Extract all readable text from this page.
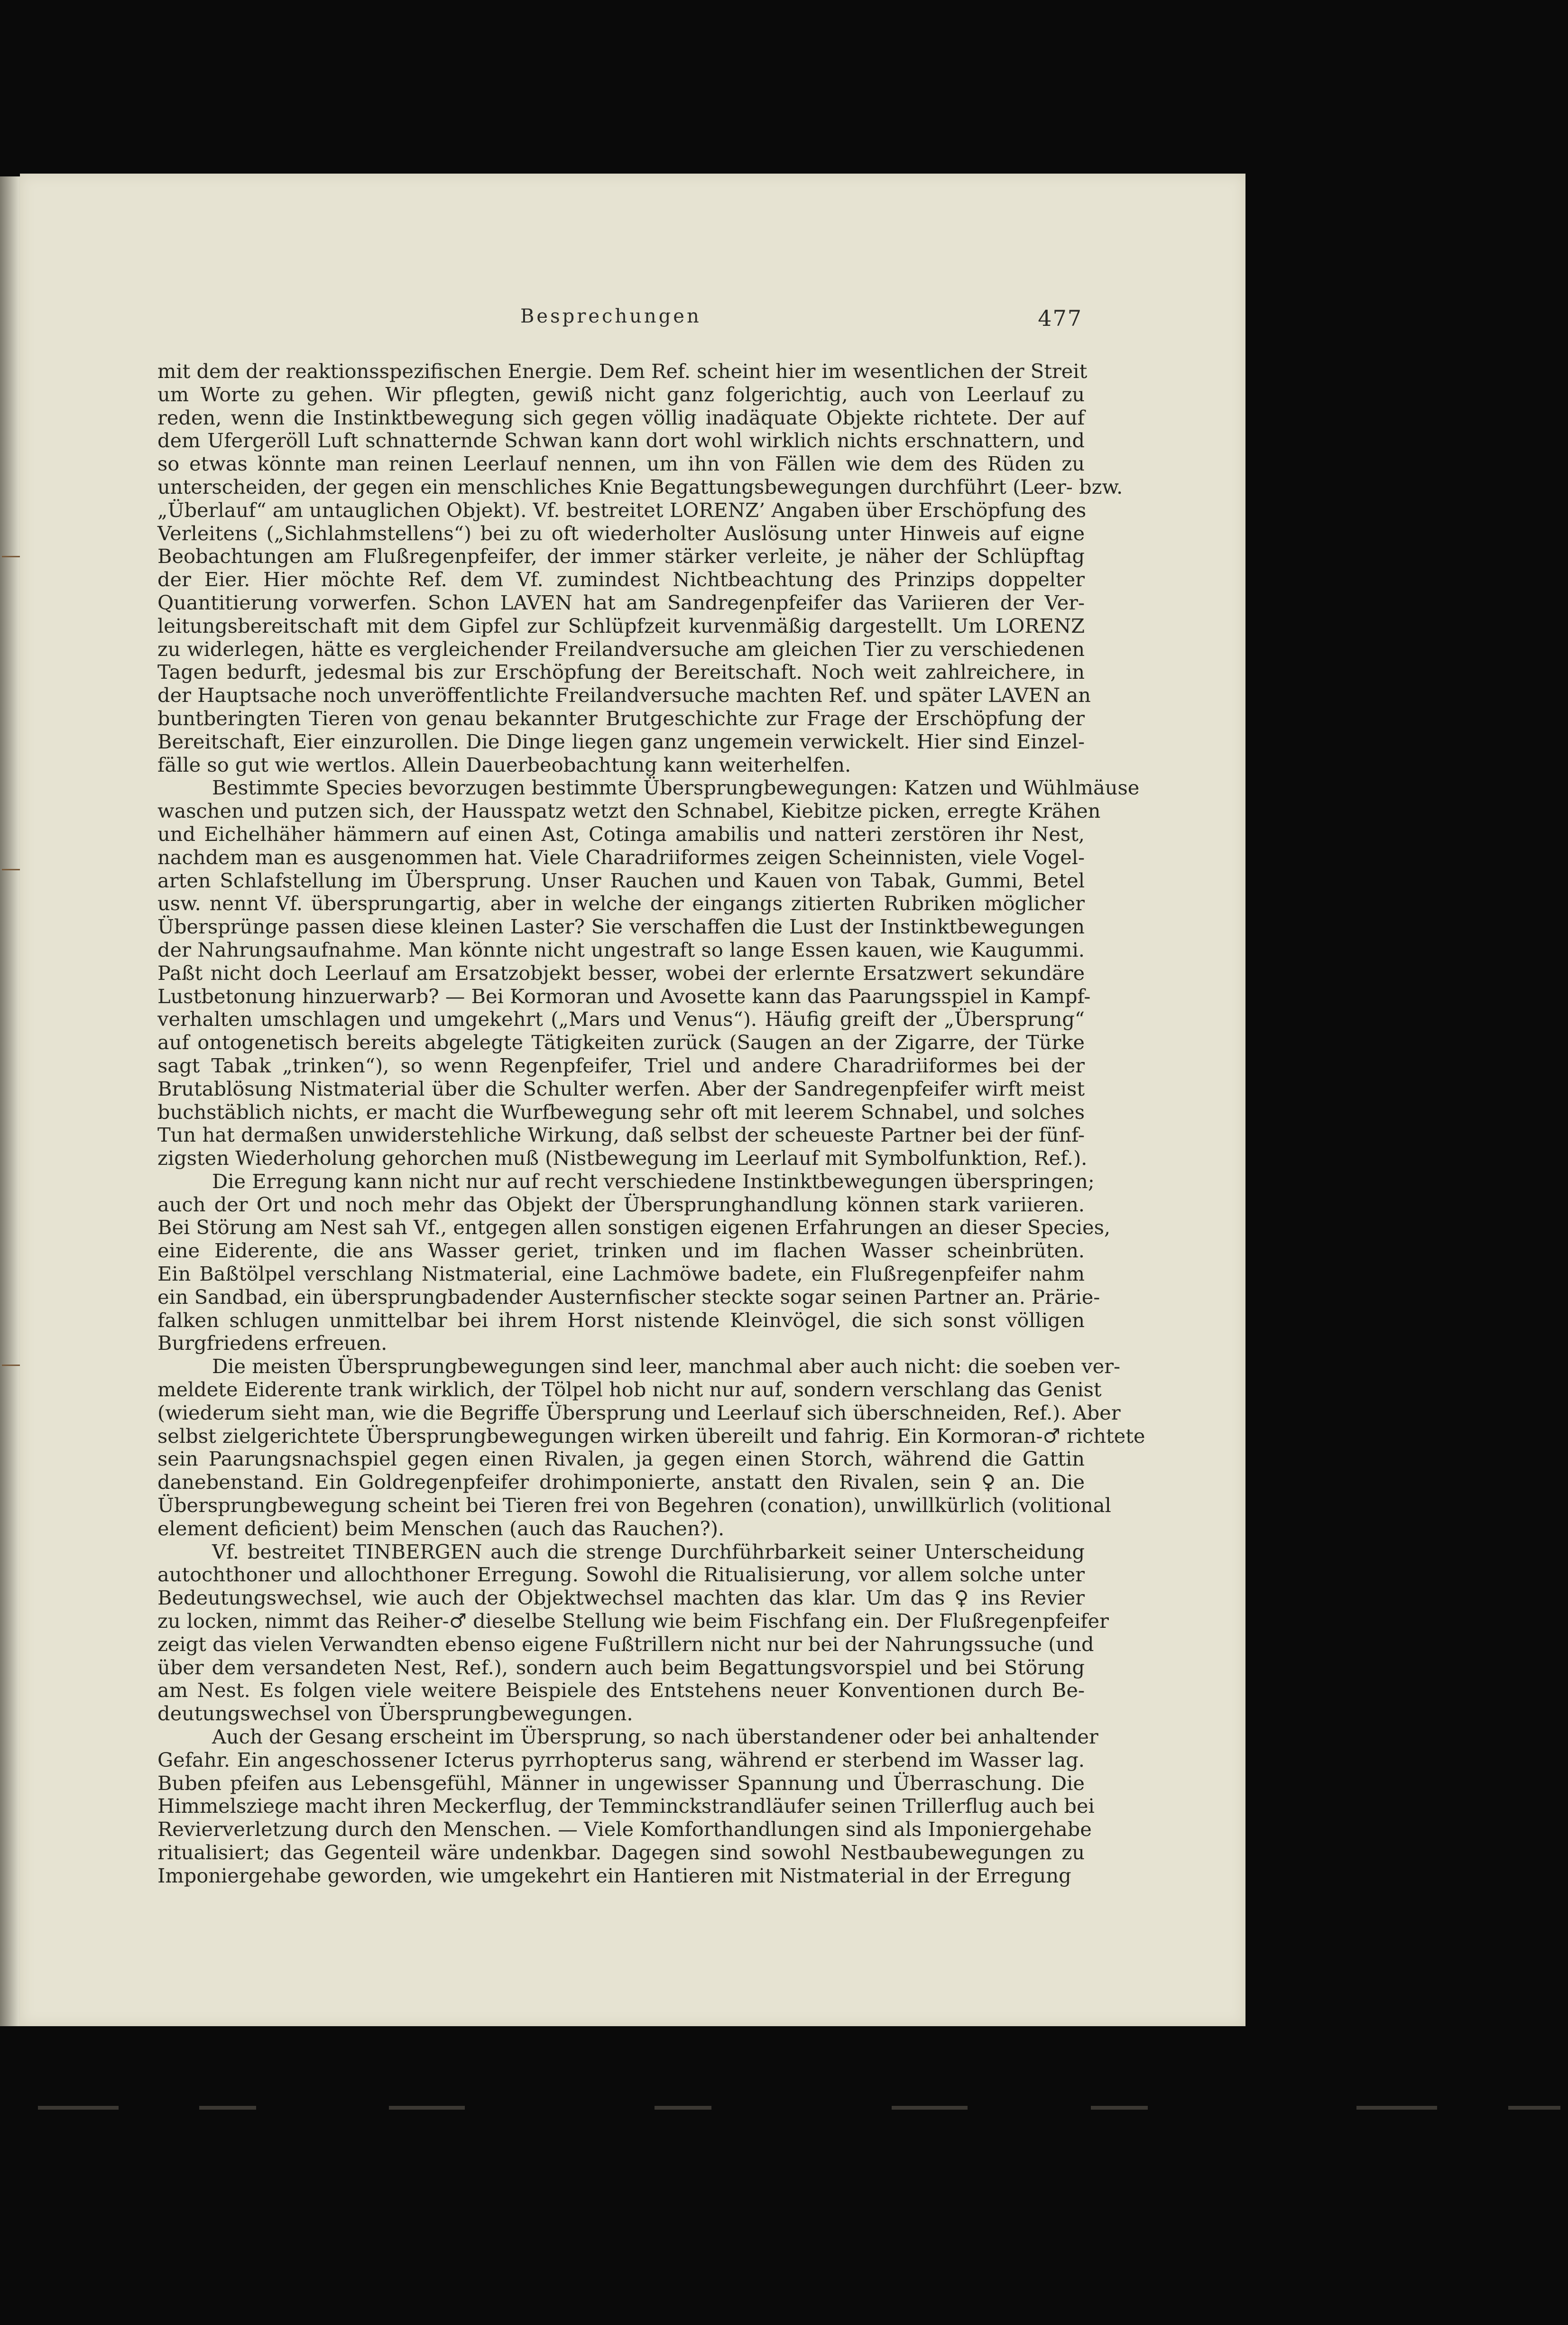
Besprechungen	477
mit dem der reaktionsspezifischen Energie. Dem Ref. scheint hier im wesentlichen der Streit
um Worte zu gehen. Wir pflegten, gewiß nicht ganz folgerichtig, auch von Leerlauf zu
reden, wenn die Instinktbewegung sich gegen völlig inadäquate Objekte richtete. Der auf
dem Ufergeröll Luft schnatternde Schwan kann dort wohl wirklich nichts erschnattern, und
so etwas könnte man reinen Leerlauf nennen, um ihn von Fällen wie dem des Rüden zu
unterscheiden, der gegen ein menschliches Knie Begattungsbewegungen durchführt (Leer- bzw.
„Überlauf“ am untauglichen Objekt). Vf. bestreitet LORENZ’ Angaben über Erschöpfung des
Verleitens („Sichlahmstellens“) bei zu oft wiederholter Auslösung unter Hinweis auf eigne
Beobachtungen am Flußregenpfeifer, der immer stärker verleite, je näher der Schlüpftag
der Eier. Hier möchte Ref. dem Vf. zumindest Nichtbeachtung des Prinzips doppelter
Quantitierung vorwerfen. Schon LAVEN hat am Sandregenpfeifer das Variieren der Ver-
leitungsbereitschaft mit dem Gipfel zur Schlüpfzeit kurvenmäßig dargestellt. Um LORENZ
zu widerlegen, hätte es vergleichender Freilandversuche am gleichen Tier zu verschiedenen
Tagen bedurft, jedesmal bis zur Erschöpfung der Bereitschaft. Noch weit zahlreichere, in
der Hauptsache noch unveröffentlichte Freilandversuche machten Ref. und später LAVEN an
buntberingten Tieren von genau bekannter Brutgeschichte zur Frage der Erschöpfung der
Bereitschaft, Eier einzurollen. Die Dinge liegen ganz ungemein verwickelt. Hier sind Einzel-
fälle so gut wie wertlos. Allein Dauerbeobachtung kann weiterhelfen.
Bestimmte Species bevorzugen bestimmte Übersprungbewegungen: Katzen und Wühlmäuse
waschen und putzen sich, der Hausspatz wetzt den Schnabel, Kiebitze picken, erregte Krähen
und Eichelhäher hämmern auf einen Ast, Cotinga amabilis und natteri zerstören ihr Nest,
nachdem man es ausgenommen hat. Viele Charadriiformes zeigen Scheinnisten, viele Vogel-
arten Schlafstellung im Übersprung. Unser Rauchen und Kauen von Tabak, Gummi, Betel
usw. nennt Vf. übersprungartig, aber in welche der eingangs zitierten Rubriken möglicher
Übersprünge passen diese kleinen Laster? Sie verschaffen die Lust der Instinktbewegungen
der Nahrungsaufnahme. Man könnte nicht ungestraft so lange Essen kauen, wie Kaugummi.
Paßt nicht doch Leerlauf am Ersatzobjekt besser, wobei der erlernte Ersatzwert sekundäre
Lustbetonung hinzuerwarb? — Bei Kormoran und Avosette kann das Paarungsspiel in Kampf-
verhalten umschlagen und umgekehrt („Mars und Venus“). Häufig greift der „Übersprung“
auf ontogenetisch bereits abgelegte Tätigkeiten zurück (Saugen an der Zigarre, der Türke
sagt Tabak „trinken“), so wenn Regenpfeifer, Triel und andere Charadriiformes bei der
Brutablösung Nistmaterial über die Schulter werfen. Aber der Sandregenpfeifer wirft meist
buchstäblich nichts, er macht die Wurfbewegung sehr oft mit leerem Schnabel, und solches
Tun hat dermaßen unwiderstehliche Wirkung, daß selbst der scheueste Partner bei der fünf-
zigsten Wiederholung gehorchen muß (Nistbewegung im Leerlauf mit Symbolfunktion, Ref.).
Die Erregung kann nicht nur auf recht verschiedene Instinktbewegungen überspringen;
auch der Ort und noch mehr das Objekt der Übersprunghandlung können stark variieren.
Bei Störung am Nest sah Vf., entgegen allen sonstigen eigenen Erfahrungen an dieser Species,
eine Eiderente, die ans Wasser geriet, trinken und im flachen Wasser scheinbrüten.
Ein Baßtölpel verschlang Nistmaterial, eine Lachmöwe badete, ein Flußregenpfeifer nahm
ein Sandbad, ein übersprungbadender Austernfischer steckte sogar seinen Partner an. Prärie-
falken schlugen unmittelbar bei ihrem Horst nistende Kleinvögel, die sich sonst völligen
Burgfriedens erfreuen.
Die meisten Übersprungbewegungen sind leer, manchmal aber auch nicht: die soeben ver-
meldete Eiderente trank wirklich, der Tölpel hob nicht nur auf, sondern verschlang das Genist
(wiederum sieht man, wie die Begriffe Übersprung und Leerlauf sich überschneiden, Ref.). Aber
selbst zielgerichtete Übersprungbewegungen wirken übereilt und fahrig. Ein Kormoran-♂ richtete
sein Paarungsnachspiel gegen einen Rivalen, ja gegen einen Storch, während die Gattin
danebenstand. Ein Goldregenpfeifer drohimponierte, anstatt den Rivalen, sein ♀ an. Die
Übersprungbewegung scheint bei Tieren frei von Begehren (conation), unwillkürlich (volitional
element deficient) beim Menschen (auch das Rauchen?).
Vf. bestreitet TINBERGEN auch die strenge Durchführbarkeit seiner Unterscheidung
autochthoner und allochthoner Erregung. Sowohl die Ritualisierung, vor allem solche unter
Bedeutungswechsel, wie auch der Objektwechsel machten das klar. Um das ♀ ins Revier
zu locken, nimmt das Reiher-♂ dieselbe Stellung wie beim Fischfang ein. Der Flußregenpfeifer
zeigt das vielen Verwandten ebenso eigene Fußtrillern nicht nur bei der Nahrungssuche (und
über dem versandeten Nest, Ref.), sondern auch beim Begattungsvorspiel und bei Störung
am Nest. Es folgen viele weitere Beispiele des Entstehens neuer Konventionen durch Be-
deutungswechsel von Übersprungbewegungen.
Auch der Gesang erscheint im Übersprung, so nach überstandener oder bei anhaltender
Gefahr. Ein angeschossener Icterus pyrrhopterus sang, während er sterbend im Wasser lag.
Buben pfeifen aus Lebensgefühl, Männer in ungewisser Spannung und Überraschung. Die
Himmelsziege macht ihren Meckerflug, der Temminckstrandläufer seinen Trillerflug auch bei
Revierverletzung durch den Menschen. — Viele Komforthandlungen sind als Imponiergehabe
ritualisiert; das Gegenteil wäre undenkbar. Dagegen sind sowohl Nestbaubewegungen zu
Imponiergehabe geworden, wie umgekehrt ein Hantieren mit Nistmaterial in der Erregung
